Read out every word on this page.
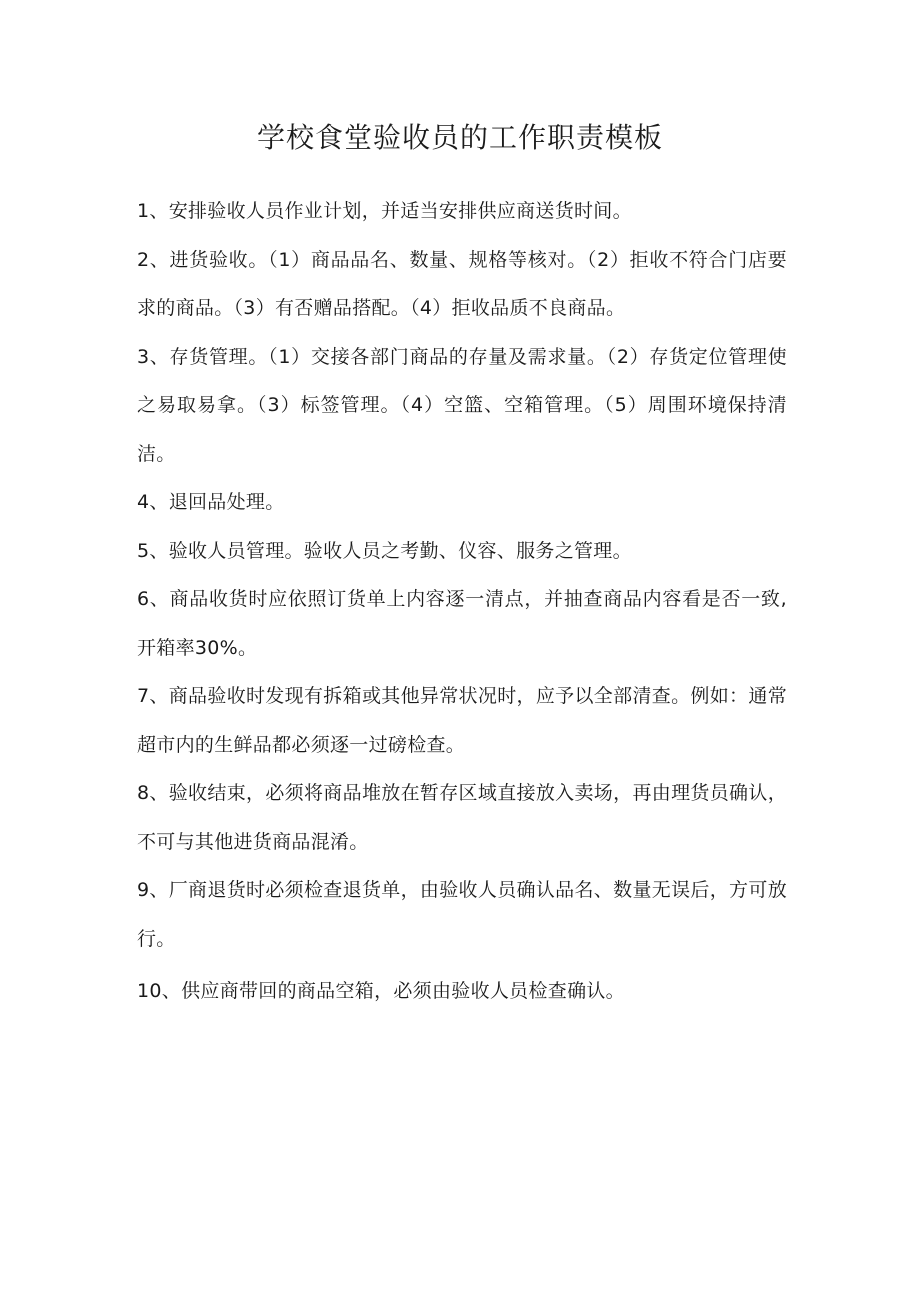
学校食堂验收员的工作职责模板

1、安排验收人员作业计划，并适当安排供应商送货时间。

2、进货验收。（1）商品品名、数量、规格等核对。（2）拒收不符合门店要求的商品。（3）有否赠品搭配。（4）拒收品质不良商品。

3、存货管理。（1）交接各部门商品的存量及需求量。（2）存货定位管理使之易取易拿。（3）标签管理。（4）空篮、空箱管理。（5）周围环境保持清洁。

4、退回品处理。

5、验收人员管理。验收人员之考勤、仪容、服务之管理。

6、商品收货时应依照订货单上内容逐一清点，并抽查商品内容看是否一致, 开箱率30%。

7、商品验收时发现有拆箱或其他异常状况时，应予以全部清查。例如：通常超市内的生鲜品都必须逐一过磅检查。

8、验收结束，必须将商品堆放在暂存区域直接放入卖场，再由理货员确认，不可与其他进货商品混淆。

9、厂商退货时必须检查退货单，由验收人员确认品名、数量无误后，方可放行。

10、供应商带回的商品空箱，必须由验收人员检查确认。
